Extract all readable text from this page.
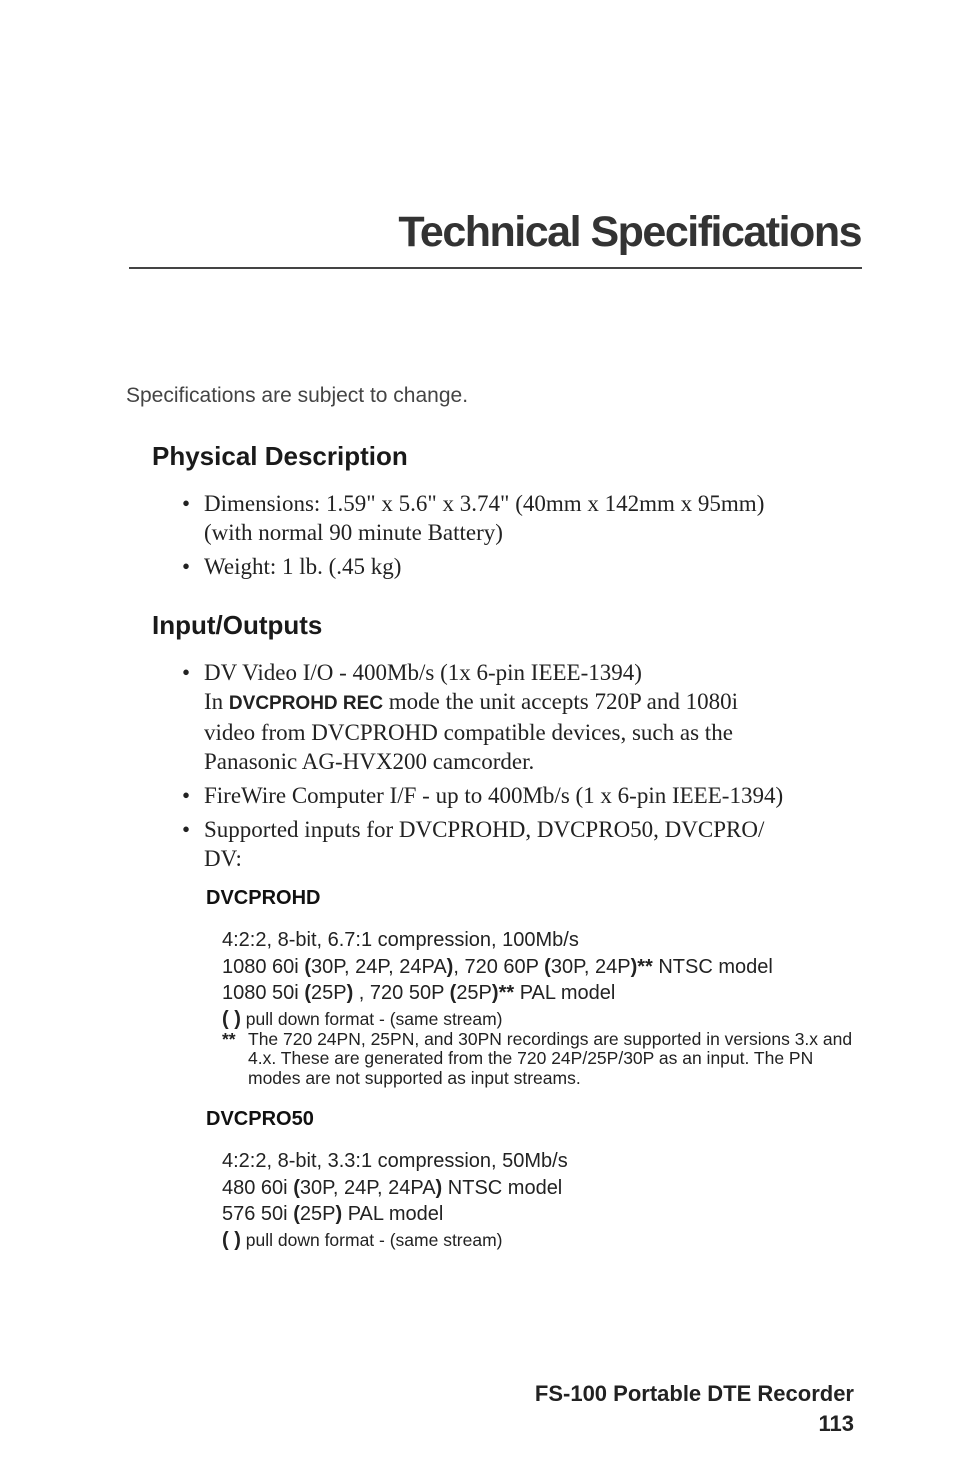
Technical Specifications
Specifications are subject to change.
Physical Description
• Dimensions: 1.59" x 5.6" x 3.74" (40mm x 142mm x 95mm)
(with normal 90 minute Battery)
• Weight: 1 lb. (.45 kg)
Input/Outputs
• DV Video I/O - 400Mb/s (1x 6-pin IEEE-1394)
In DVCPROHD REC mode the unit accepts 720P and 1080i
video from DVCPROHD compatible devices, such as the
Panasonic AG-HVX200 camcorder.
• FireWire Computer I/F - up to 400Mb/s (1 x 6-pin IEEE-1394)
• Supported inputs for DVCPROHD, DVCPRO50, DVCPRO/
DV:
DVCPROHD
4:2:2, 8-bit, 6.7:1 compression, 100Mb/s
1080 60i (30P, 24P, 24PA), 720 60P (30P, 24P)** NTSC model
1080 50i (25P) , 720 50P (25P)** PAL model
( ) pull down format - (same stream)
** The 720 24PN, 25PN, and 30PN recordings are supported in versions 3.x and 4.x. These are generated from the 720 24P/25P/30P as an input. The PN modes are not supported as input streams.
DVCPRO50
4:2:2, 8-bit, 3.3:1 compression, 50Mb/s
480 60i (30P, 24P, 24PA) NTSC model
576 50i (25P) PAL model
( ) pull down format - (same stream)
FS-100 Portable DTE Recorder
113
